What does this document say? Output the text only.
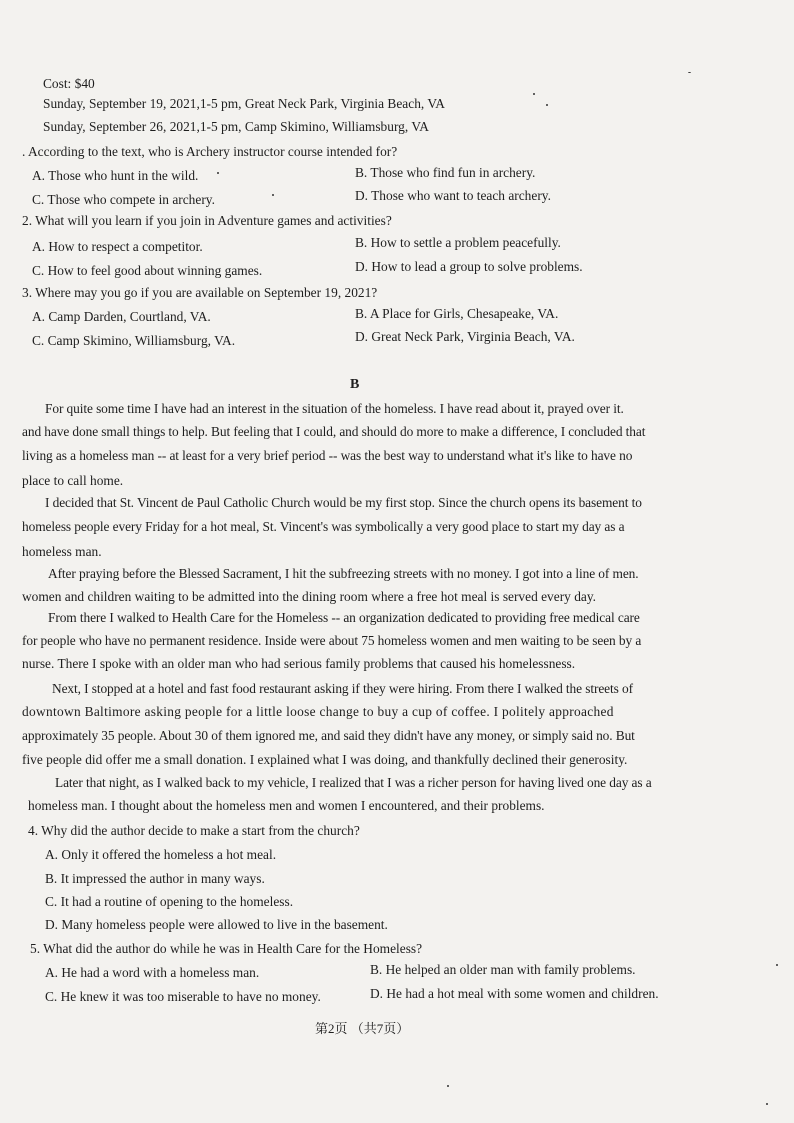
Cost: $40
Sunday, September 19, 2021,1-5 pm, Great Neck Park, Virginia Beach, VA
Sunday, September 26, 2021,1-5 pm, Camp Skimino, Williamsburg, VA
. According to the text, who is Archery instructor course intended for?
A. Those who hunt in the wild.	B. Those who find fun in archery.
C. Those who compete in archery.	D. Those who want to teach archery.
2. What will you learn if you join in Adventure games and activities?
A. How to respect a competitor.	B. How to settle a problem peacefully.
C. How to feel good about winning games.	D. How to lead a group to solve problems.
3. Where may you go if you are available on September 19, 2021?
A. Camp Darden, Courtland, VA.	B. A Place for Girls, Chesapeake, VA.
C. Camp Skimino, Williamsburg, VA.	D. Great Neck Park, Virginia Beach, VA.
B
For quite some time I have had an interest in the situation of the homeless. I have read about it, prayed over it.
and have done small things to help. But feeling that I could, and should do more to make a difference, I concluded that
living as a homeless man -- at least for a very brief period -- was the best way to understand what it's like to have no
place to call home.
I decided that St. Vincent de Paul Catholic Church would be my first stop. Since the church opens its basement to
homeless people every Friday for a hot meal, St. Vincent's was symbolically a very good place to start my day as a
homeless man.
After praying before the Blessed Sacrament, I hit the subfreezing streets with no money. I got into a line of men.
women and children waiting to be admitted into the dining room where a free hot meal is served every day.
From there I walked to Health Care for the Homeless -- an organization dedicated to providing free medical care
for people who have no permanent residence. Inside were about 75 homeless women and men waiting to be seen by a
nurse. There I spoke with an older man who had serious family problems that caused his homelessness.
Next, I stopped at a hotel and fast food restaurant asking if they were hiring. From there I walked the streets of
downtown Baltimore asking people for a little loose change to buy a cup of coffee. I politely approached
approximately 35 people. About 30 of them ignored me, and said they didn't have any money, or simply said no. But
five people did offer me a small donation. I explained what I was doing, and thankfully declined their generosity.
Later that night, as I walked back to my vehicle, I realized that I was a richer person for having lived one day as a
homeless man. I thought about the homeless men and women I encountered, and their problems.
4. Why did the author decide to make a start from the church?
A. Only it offered the homeless a hot meal.
B. It impressed the author in many ways.
C. It had a routine of opening to the homeless.
D. Many homeless people were allowed to live in the basement.
5. What did the author do while he was in Health Care for the Homeless?
A. He had a word with a homeless man.	B. He helped an older man with family problems.
C. He knew it was too miserable to have no money.	D. He had a hot meal with some women and children.
第2页 （共7页）
